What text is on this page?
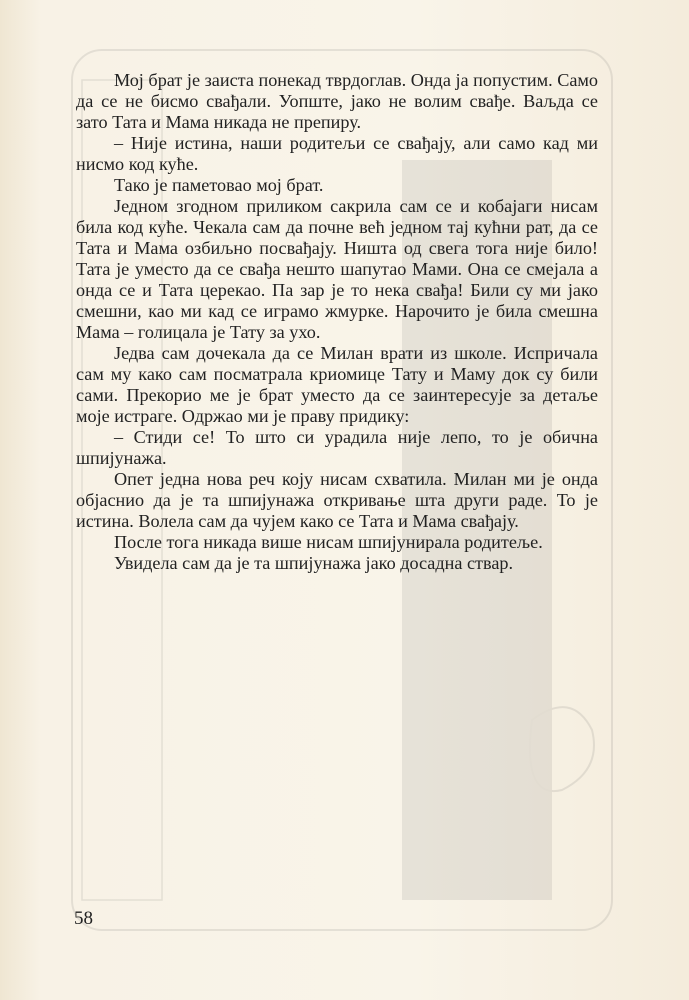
Мој брат је заиста понекад тврдоглав. Онда ја попустим. Само да се не бисмо свађали. Уопште, јако не волим свађе. Ваљда се зато Тата и Мама никада не препиру.

– Није истина, наши родитељи се свађају, али само кад ми нисмо код куће.

Тако је паметовао мој брат.

Једном згодном приликом сакрила сам се и кобајаги нисам била код куће. Чекала сам да почне већ једном тај кућни рат, да се Тата и Мама озбиљно посвађају. Ништа од свега тога није било! Тата је уместо да се свађа нешто шапутао Мами. Она се смејала а онда се и Тата церекао. Па зар је то нека свађа! Били су ми јако смешни, као ми кад се играмо жмурке. Нарочито је била смешна Мама – голицала је Тату за ухо.

Једва сам дочекала да се Милан врати из школе. Испричала сам му како сам посматрала криомице Тату и Маму док су били сами. Прекорио ме је брат уместо да се заинтересује за детаље моје истраге. Одржао ми је праву придику:

– Стиди се! То што си урадила није лепо, то је обична шпијунажа.

Опет једна нова реч коју нисам схватила. Милан ми је онда објаснио да је та шпијунажа откривање шта други раде. То је истина. Волела сам да чујем како се Тата и Мама свађају.

После тога никада више нисам шпијунирала родитеље.

Увидела сам да је та шпијунажа јако досадна ствар.

58
